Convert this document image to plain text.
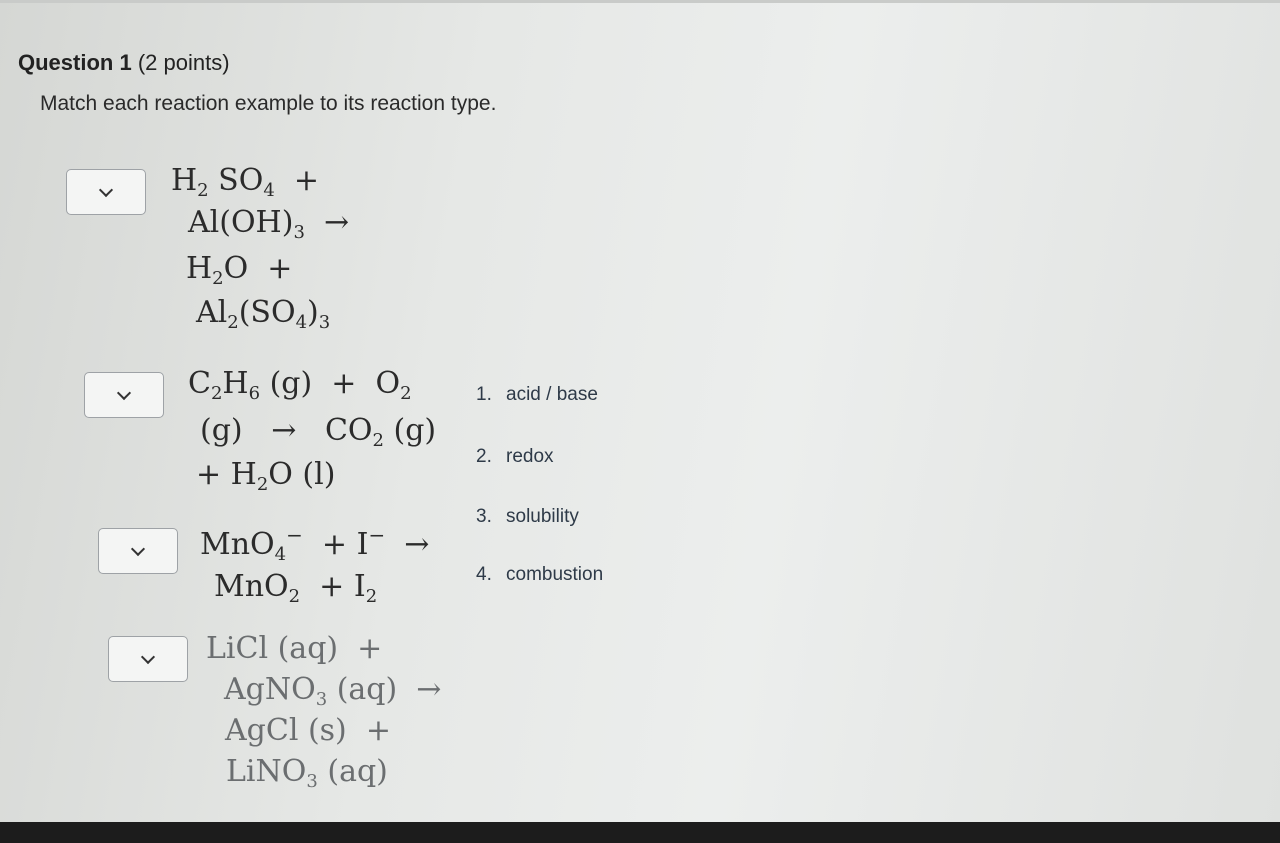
Question 1 (2 points)
Match each reaction example to its reaction type.
$H_2$ $SO_4$  +
$Al(OH)_3$  →
$H_2O$  +
$Al_2(SO_4)_3$
$C_2H_6$ $(g) + O_2$
$(g) \to CO_2$ (g)
+ $H_2O$ (l)
MnO$_4$−  + I−  →
$MnO_2 + I_2$
LiCl (aq)  +
AgNO$_3$ (aq)  →
AgCl (s)  +
LiNO$_3$ (aq)
1. acid / base
2. redox
3. solubility
4. combustion
